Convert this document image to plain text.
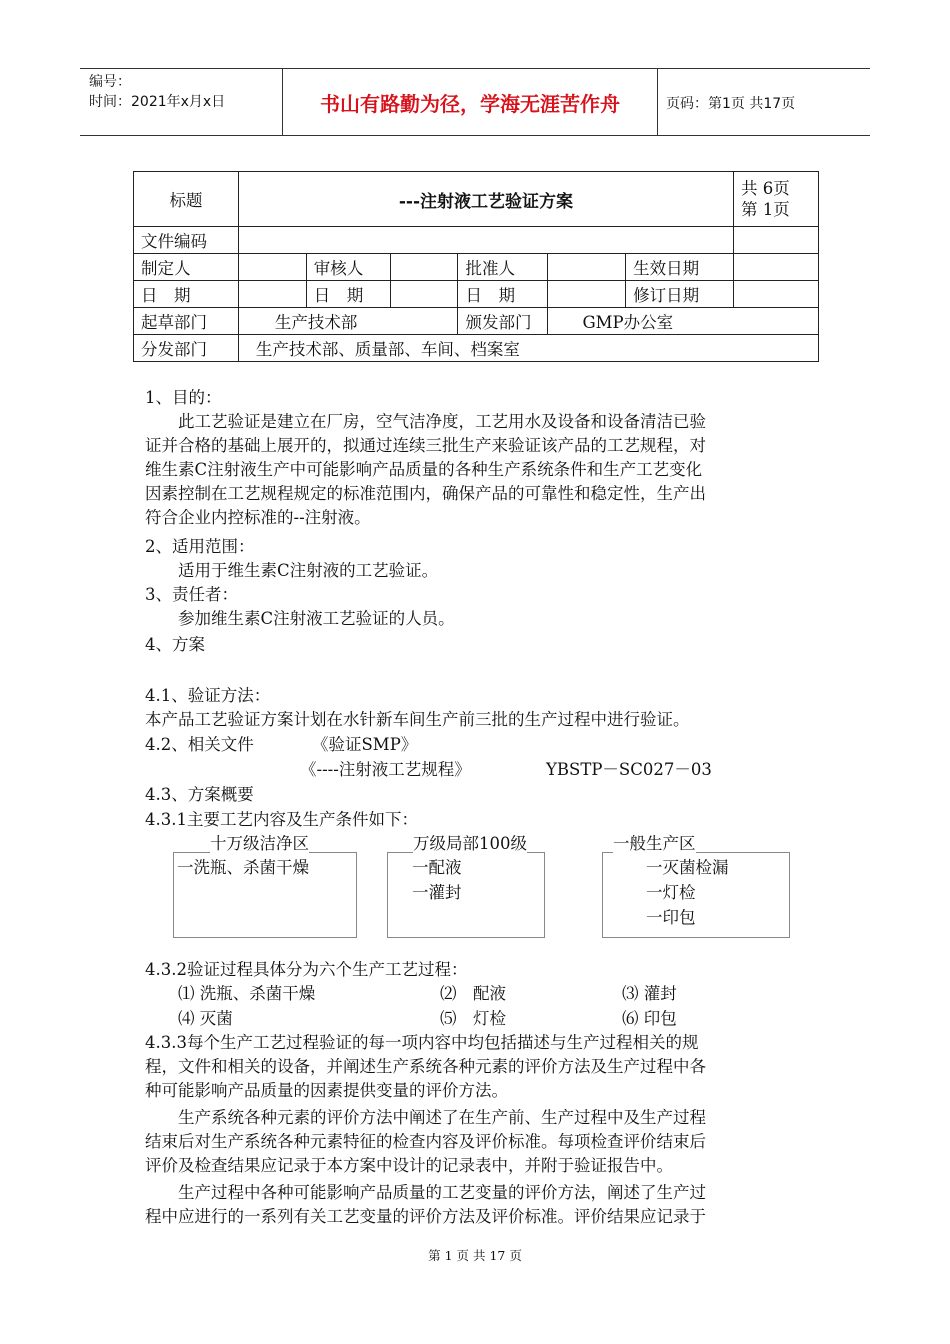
编号：
时间：2021年x月x日	书山有路勤为径，学海无涯苦作舟	页码：第1页 共17页
标题	---注射液工艺验证方案						共 6页
第 1页

文件编码							
制定人		审核人		批准人		生效日期	
日　期		日　期		日　期		修订日期	
起草部门	生产技术部			颁发部门	GMP办公室		
分发部门	生产技术部、质量部、车间、档案室						
1、目的：
　　此工艺验证是建立在厂房，空气洁净度，工艺用水及设备和设备清洁已验
证并合格的基础上展开的，拟通过连续三批生产来验证该产品的工艺规程，对
维生素C注射液生产中可能影响产品质量的各种生产系统条件和生产工艺变化
因素控制在工艺规程规定的标准范围内，确保产品的可靠性和稳定性，生产出
符合企业内控标准的--注射液。
2、适用范围：
　　适用于维生素C注射液的工艺验证。
3、责任者：
　　参加维生素C注射液工艺验证的人员。
4、方案
4.1、验证方法：
本产品工艺验证方案计划在水针新车间生产前三批的生产过程中进行验证。
4.2、相关文件	《验证SMP》
《----注射液工艺规程》	YBSTP－SC027－03
4.3、方案概要
4.3.1主要工艺内容及生产条件如下：
十万级洁净区	万级局部100级	一般生产区
一洗瓶、杀菌干燥	一配液
一灌封
一灭菌检漏
一灯检
一印包
4.3.2验证过程具体分为六个生产工艺过程：
⑴ 洗瓶、杀菌干燥	⑵　配液	⑶ 灌封
⑷ 灭菌	⑸　灯检	⑹ 印包
4.3.3每个生产工艺过程验证的每一项内容中均包括描述与生产过程相关的规
程，文件和相关的设备，并阐述生产系统各种元素的评价方法及生产过程中各
种可能影响产品质量的因素提供变量的评价方法。
　　生产系统各种元素的评价方法中阐述了在生产前、生产过程中及生产过程
结束后对生产系统各种元素特征的检查内容及评价标准。每项检查评价结束后
评价及检查结果应记录于本方案中设计的记录表中，并附于验证报告中。
　　生产过程中各种可能影响产品质量的工艺变量的评价方法，阐述了生产过
程中应进行的一系列有关工艺变量的评价方法及评价标准。评价结果应记录于
第 1 页 共 17 页
